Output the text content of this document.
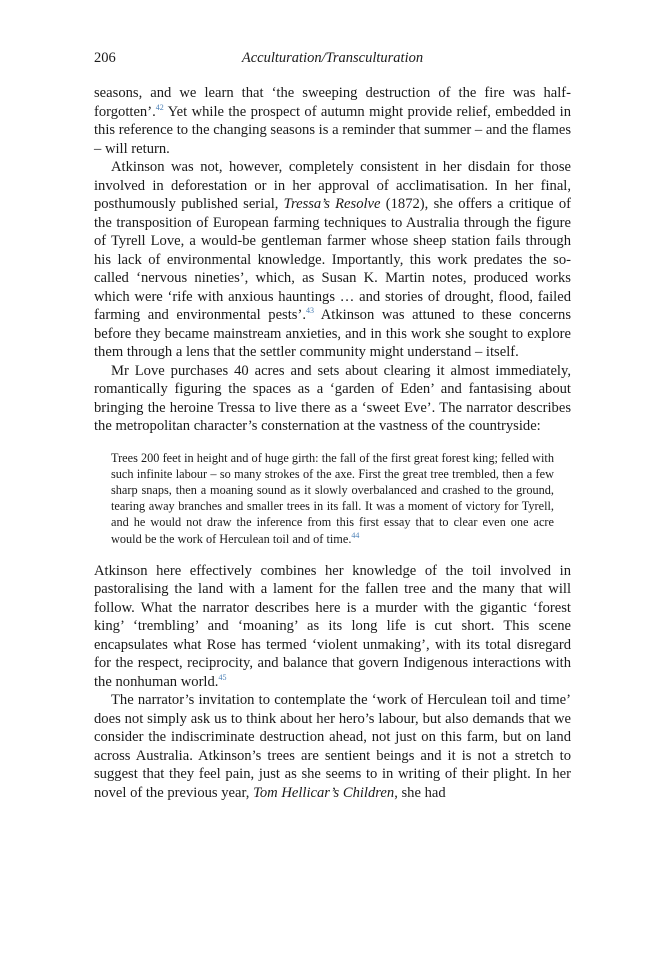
206	Acculturation/Transculturation

seasons, and we learn that ‘the sweeping destruction of the fire was half-forgotten’.$^{42}$ Yet while the prospect of autumn might provide relief, embedded in this reference to the changing seasons is a reminder that summer – and the flames – will return.

Atkinson was not, however, completely consistent in her disdain for those involved in deforestation or in her approval of acclimatisation. In her final, posthumously published serial, Tressa’s Resolve (1872), she offers a critique of the transposition of European farming techniques to Australia through the figure of Tyrell Love, a would-be gentleman farmer whose sheep station fails through his lack of environmental knowledge. Importantly, this work predates the so-called ‘nervous nineties’, which, as Susan K. Martin notes, produced works which were ‘rife with anxious hauntings … and stories of drought, flood, failed farming and environmental pests’.$^{43}$ Atkinson was attuned to these concerns before they became mainstream anxieties, and in this work she sought to explore them through a lens that the settler community might understand – itself.

Mr Love purchases 40 acres and sets about clearing it almost immediately, romantically figuring the spaces as a ‘garden of Eden’ and fantasising about bringing the heroine Tressa to live there as a ‘sweet Eve’. The narrator describes the metropolitan character’s consternation at the vastness of the countryside:

Trees 200 feet in height and of huge girth: the fall of the first great forest king; felled with such infinite labour – so many strokes of the axe. First the great tree trembled, then a few sharp snaps, then a moaning sound as it slowly overbalanced and crashed to the ground, tearing away branches and smaller trees in its fall. It was a moment of victory for Tyrell, and he would not draw the inference from this first essay that to clear even one acre would be the work of Herculean toil and of time.$^{44}$

Atkinson here effectively combines her knowledge of the toil involved in pastoralising the land with a lament for the fallen tree and the many that will follow. What the narrator describes here is a murder with the gigantic ‘forest king’ ‘trembling’ and ‘moaning’ as its long life is cut short. This scene encapsulates what Rose has termed ‘violent unmaking’, with its total disregard for the respect, reciprocity, and balance that govern Indigenous interactions with the nonhuman world.$^{45}$

The narrator’s invitation to contemplate the ‘work of Herculean toil and time’ does not simply ask us to think about her hero’s labour, but also demands that we consider the indiscriminate destruction ahead, not just on this farm, but on land across Australia. Atkinson’s trees are sentient beings and it is not a stretch to suggest that they feel pain, just as she seems to in writing of their plight. In her novel of the previous year, Tom Hellicar’s Children, she had
